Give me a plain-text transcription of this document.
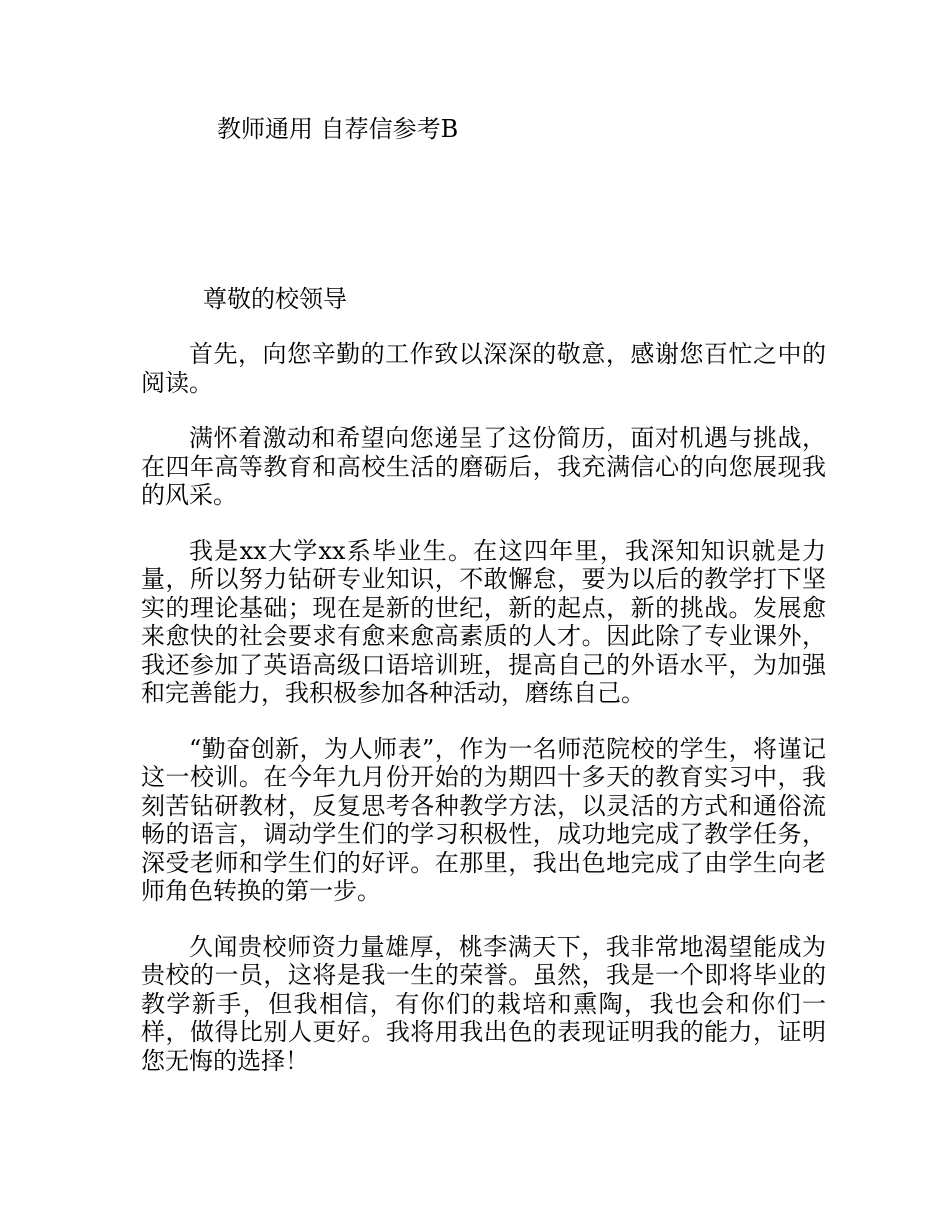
教师通用 自荐信参考B
尊敬的校领导

首先，向您辛勤的工作致以深深的敬意，感谢您百忙之中的阅读。

满怀着激动和希望向您递呈了这份简历，面对机遇与挑战，在四年高等教育和高校生活的磨砺后，我充满信心的向您展现我的风采。

我是xx大学xx系毕业生。在这四年里，我深知知识就是力量，所以努力钻研专业知识，不敢懈怠，要为以后的教学打下坚实的理论基础；现在是新的世纪，新的起点，新的挑战。发展愈来愈快的社会要求有愈来愈高素质的人才。因此除了专业课外，我还参加了英语高级口语培训班，提高自己的外语水平，为加强和完善能力，我积极参加各种活动，磨练自己。

“勤奋创新，为人师表”，作为一名师范院校的学生，将谨记这一校训。在今年九月份开始的为期四十多天的教育实习中，我刻苦钻研教材，反复思考各种教学方法，以灵活的方式和通俗流畅的语言，调动学生们的学习积极性，成功地完成了教学任务，深受老师和学生们的好评。在那里，我出色地完成了由学生向老师角色转换的第一步。

久闻贵校师资力量雄厚，桃李满天下，我非常地渴望能成为贵校的一员，这将是我一生的荣誉。虽然，我是一个即将毕业的教学新手，但我相信，有你们的栽培和熏陶，我也会和你们一样，做得比别人更好。我将用我出色的表现证明我的能力，证明您无悔的选择！
